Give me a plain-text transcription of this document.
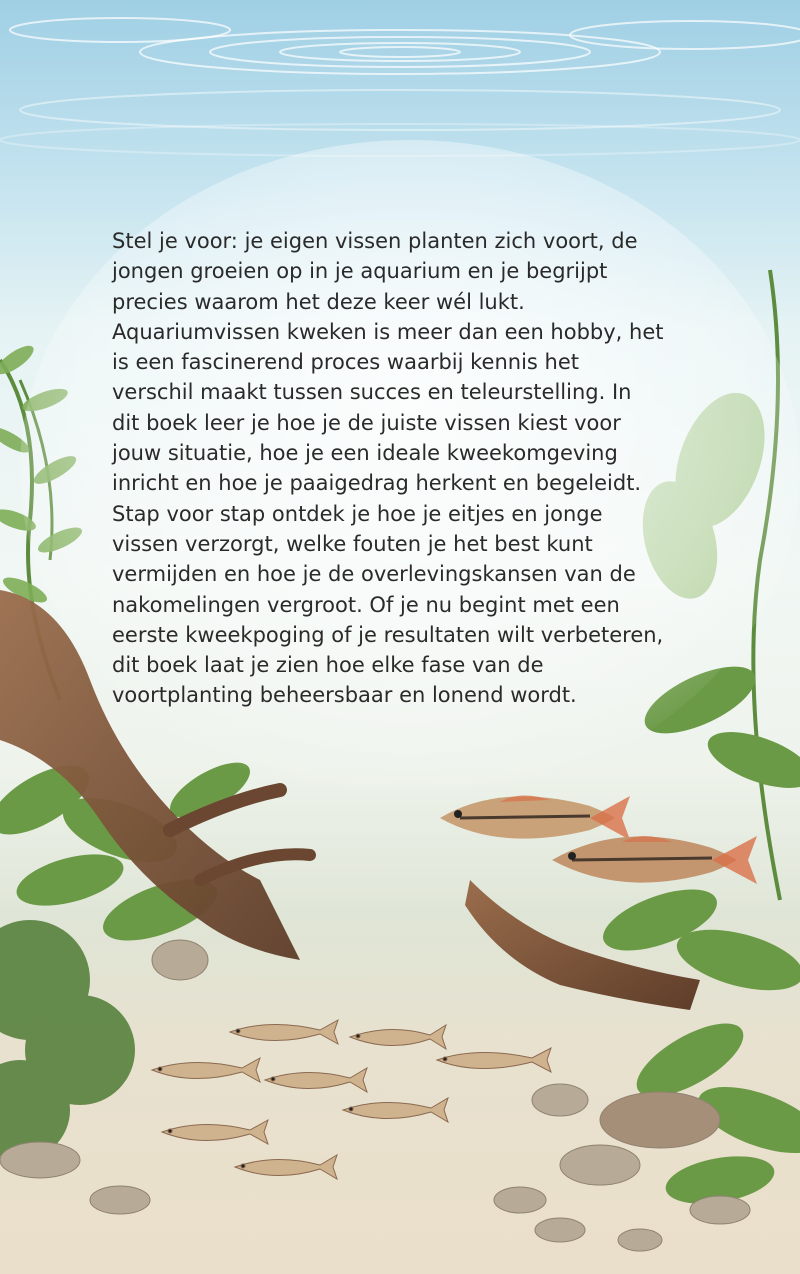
Stel je voor: je eigen vissen planten zich voort, de
jongen groeien op in je aquarium en je begrijpt
precies waarom het deze keer wél lukt.
Aquariumvissen kweken is meer dan een hobby, het
is een fascinerend proces waarbij kennis het
verschil maakt tussen succes en teleurstelling. In
dit boek leer je hoe je de juiste vissen kiest voor
jouw situatie, hoe je een ideale kweekomgeving
inricht en hoe je paaigedrag herkent en begeleidt.
Stap voor stap ontdek je hoe je eitjes en jonge
vissen verzorgt, welke fouten je het best kunt
vermijden en hoe je de overlevingskansen van de
nakomelingen vergroot. Of je nu begint met een
eerste kweekpoging of je resultaten wilt verbeteren,
dit boek laat je zien hoe elke fase van de
voortplanting beheersbaar en lonend wordt.
